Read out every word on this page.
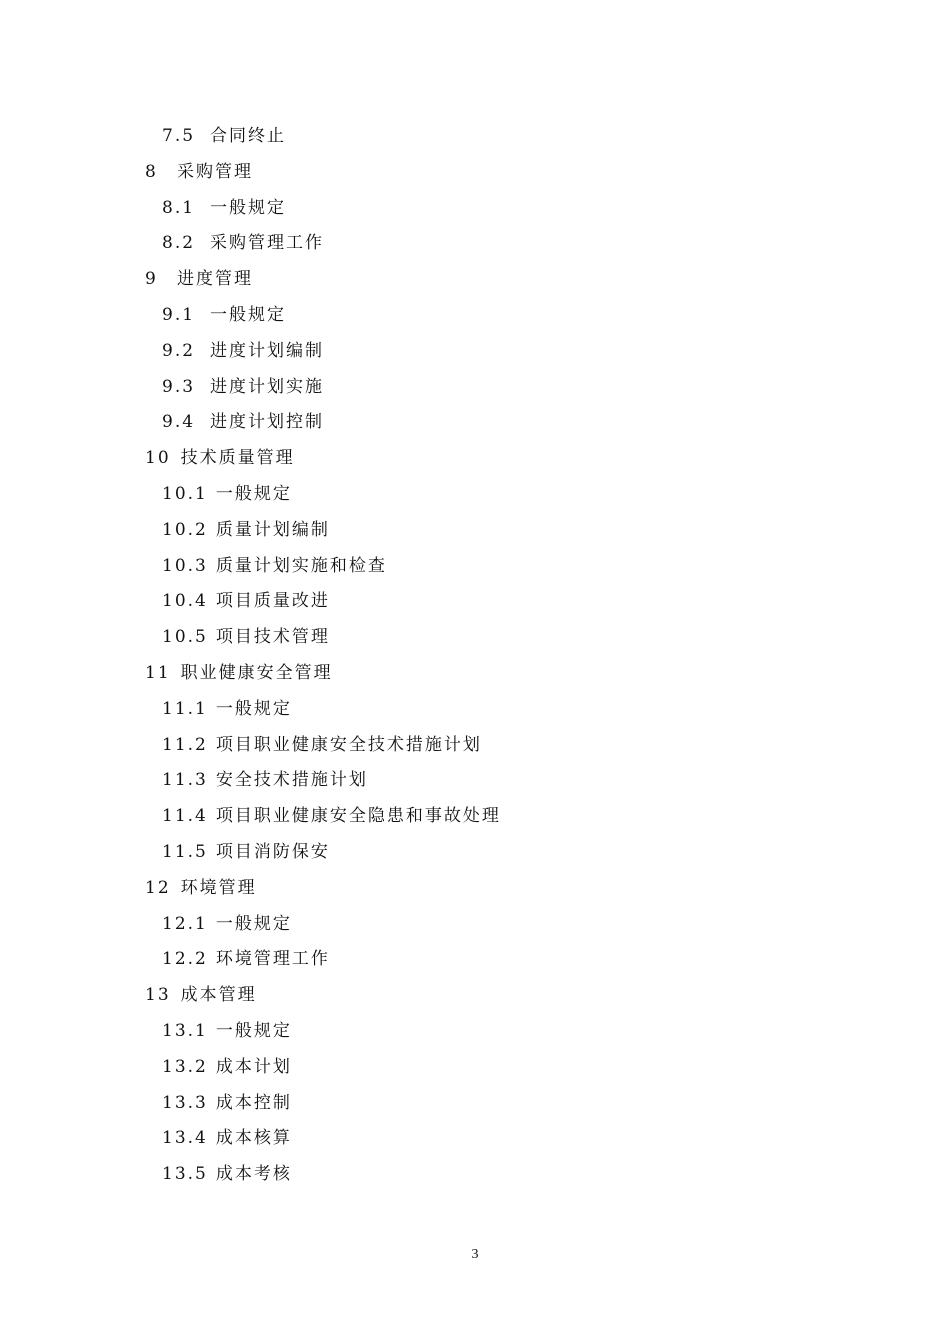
7.5 合同终止
8 采购管理
8.1 一般规定
8.2 采购管理工作
9 进度管理
9.1 一般规定
9.2 进度计划编制
9.3 进度计划实施
9.4 进度计划控制
10 技术质量管理
10.1 一般规定
10.2 质量计划编制
10.3 质量计划实施和检查
10.4 项目质量改进
10.5 项目技术管理
11 职业健康安全管理
11.1 一般规定
11.2 项目职业健康安全技术措施计划
11.3 安全技术措施计划
11.4 项目职业健康安全隐患和事故处理
11.5 项目消防保安
12 环境管理
12.1 一般规定
12.2 环境管理工作
13 成本管理
13.1 一般规定
13.2 成本计划
13.3 成本控制
13.4 成本核算
13.5 成本考核
3
